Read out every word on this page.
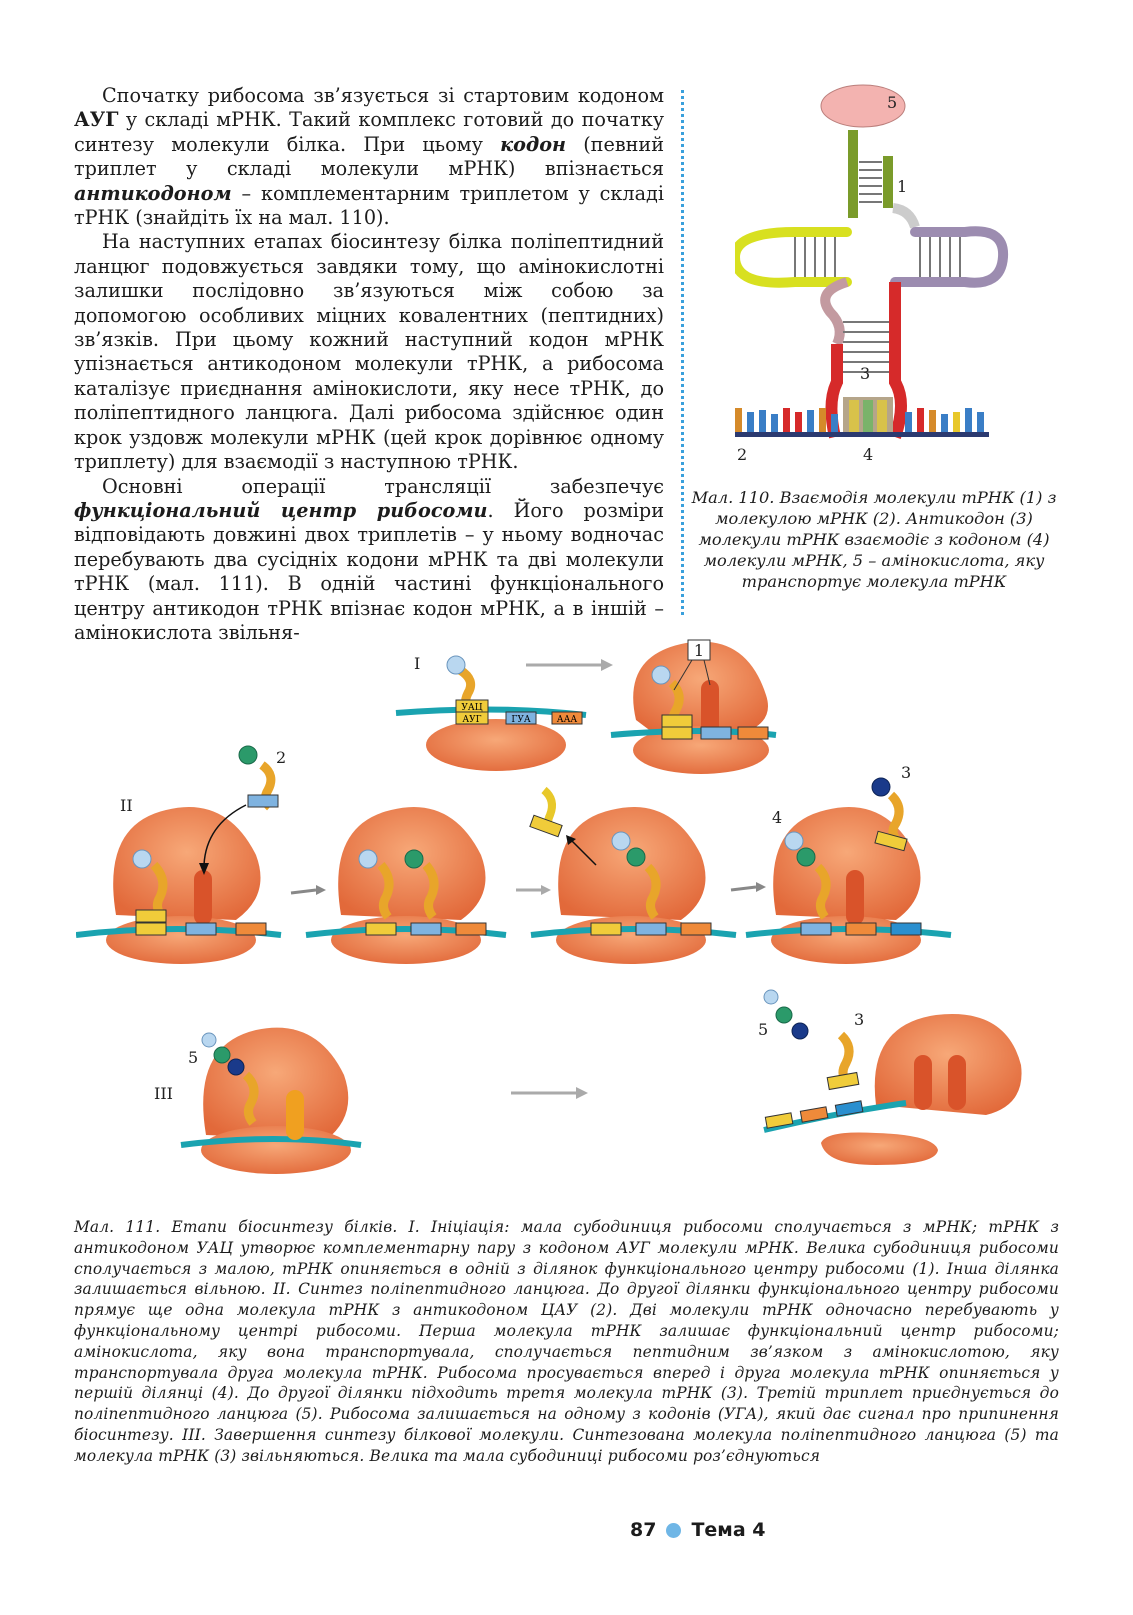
Спочатку рибосома зв’язується зі стартовим кодоном АУГ у складі мРНК. Такий комплекс готовий до початку синтезу молекули білка. При цьому кодон (певний триплет у складі молекули мРНК) впізнається антикодоном – комплементарним триплетом у складі тРНК (знайдіть їх на мал. 110).

На наступних етапах біосинтезу білка поліпептидний ланцюг подовжується завдяки тому, що амінокислотні залишки послідовно зв’язуються між собою за допомогою особливих міцних ковалентних (пептидних) зв’язків. При цьому кожний наступний кодон мРНК упізнається антикодоном молекули тРНК, а рибосома каталізує приєднання амінокислоти, яку несе тРНК, до поліпептидного ланцюга. Далі рибосома здійснює один крок уздовж молекули мРНК (цей крок дорівнює одному триплету) для взаємодії з наступною тРНК.

Основні операції трансляції забезпечує функціональний центр рибосоми. Його розміри відповідають довжині двох триплетів – у ньому водночас перебувають два сусідніх кодони мРНК та дві молекули тРНК (мал. 111). В одній частині функціонального центру антикодон тРНК впізнає кодон мРНК, а в іншій – амінокислота звільня-

5
1
3
2	4
Мал. 110. Взаємодія молекули тРНК (1) з молекулою мРНК (2). Антикодон (3) молекули тРНК взаємодіє з кодоном (4) молекули мРНК, 5 – амінокислота, яку транспортує молекула тРНК
УАЦ
АУГ	ГУА	ААА
1
I
II
2
4
3
III
5
5
3
Мал. 111. Етапи біосинтезу білків. I. Ініціація: мала субодиниця рибосоми сполучається з мРНК; тРНК з антикодоном УАЦ утворює комплементарну пару з кодоном АУГ молекули мРНК. Велика субодиниця рибосоми сполучається з малою, тРНК опиняється в одній з ділянок функціонального центру рибосоми (1). Інша ділянка залишається вільною. II. Синтез поліпептидного ланцюга. До другої ділянки функціонального центру рибосоми прямує ще одна молекула тРНК з антикодоном ЦАУ (2). Дві молекули тРНК одночасно перебувають у функціональному центрі рибосоми. Перша молекула тРНК залишає функціональний центр рибосоми; амінокислота, яку вона транспортувала, сполучається пептидним зв’язком з амінокислотою, яку транспортувала друга молекула тРНК. Рибосома просувається вперед і друга молекула тРНК опиняється у першій ділянці (4). До другої ділянки підходить третя молекула тРНК (3). Третій триплет приєднується до поліпептидного ланцюга (5). Рибосома залишається на одному з кодонів (УГА), який дає сигнал про припинення біосинтезу. III. Завершення синтезу білкової молекули. Синтезована молекула поліпептидного ланцюга (5) та молекула тРНК (3) звільняються. Велика та мала субодиниці рибосоми роз’єднуються
87 Тема 4
